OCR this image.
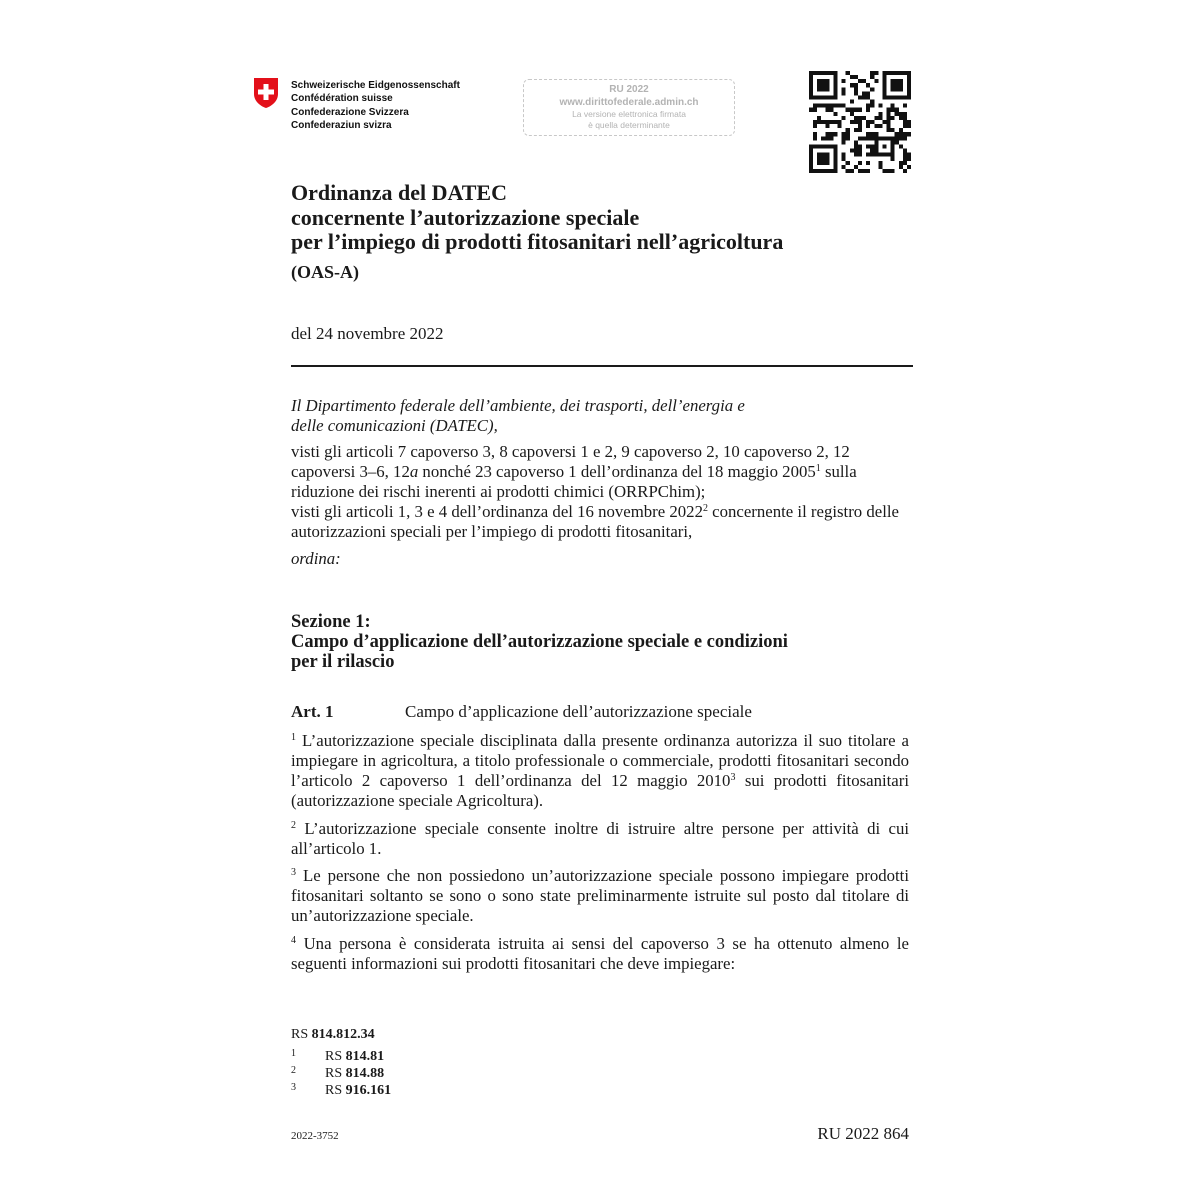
Schweizerische Eidgenossenschaft
Confédération suisse
Confederazione Svizzera
Confederaziun svizra
RU 2022
www.dirittofederale.admin.ch
La versione elettronica firmata
è quella determinante
Ordinanza del DATEC
concernente l’autorizzazione speciale
per l’impiego di prodotti fitosanitari nell’agricoltura
(OAS-A)
del 24 novembre 2022
Il Dipartimento federale dell’ambiente, dei trasporti, dell’energia e
delle comunicazioni (DATEC),
visti gli articoli 7 capoverso 3, 8 capoversi 1 e 2, 9 capoverso 2, 10 capoverso 2, 12 capoversi 3–6, 12a nonché 23 capoverso 1 dell’ordinanza del 18 maggio 2005$^1$ sulla riduzione dei rischi inerenti ai prodotti chimici (ORRPChim);
visti gli articoli 1, 3 e 4 dell’ordinanza del 16 novembre 2022$^2$ concernente il registro delle autorizzazioni speciali per l’impiego di prodotti fitosanitari,
ordina:
Sezione 1:
Campo d’applicazione dell’autorizzazione speciale e condizioni
per il rilascio
Art. 1	Campo d’applicazione dell’autorizzazione speciale
$^1$ L’autorizzazione speciale disciplinata dalla presente ordinanza autorizza il suo titolare a impiegare in agricoltura, a titolo professionale o commerciale, prodotti fitosanitari secondo l’articolo 2 capoverso 1 dell’ordinanza del 12 maggio 2010$^3$ sui prodotti fitosanitari (autorizzazione speciale Agricoltura).
$^2$ L’autorizzazione speciale consente inoltre di istruire altre persone per attività di cui all’articolo 1.
$^3$ Le persone che non possiedono un’autorizzazione speciale possono impiegare prodotti fitosanitari soltanto se sono o sono state preliminarmente istruite sul posto dal titolare di un’autorizzazione speciale.
$^4$ Una persona è considerata istruita ai sensi del capoverso 3 se ha ottenuto almeno le seguenti informazioni sui prodotti fitosanitari che deve impiegare:
RS 814.812.34
1 RS 814.81
2 RS 814.88
3 RS 916.161
2022-3752	RU 2022 864
